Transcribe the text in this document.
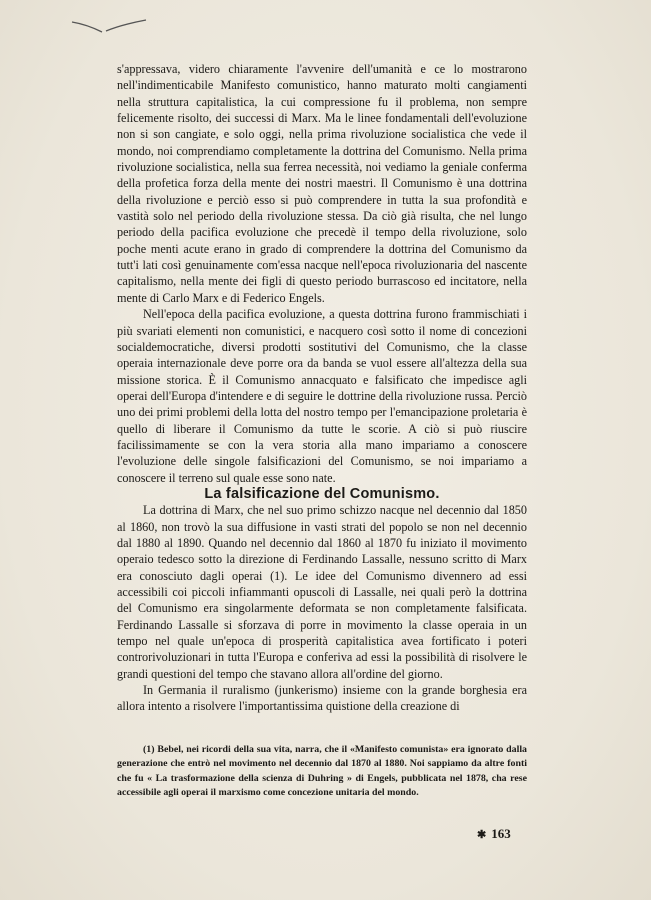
s'appressava, videro chiaramente l'avvenire dell'umanità e ce lo mostrarono nell'indimenticabile Manifesto comunistico, hanno maturato molti cangiamenti nella struttura capitalistica, la cui compressione fu il problema, non sempre felicemente risolto, dei successi di Marx. Ma le linee fondamentali dell'evoluzione non si son cangiate, e solo oggi, nella prima rivoluzione socialistica che vede il mondo, noi comprendiamo completamente la dottrina del Comunismo. Nella prima rivoluzione socialistica, nella sua ferrea necessità, noi vediamo la geniale conferma della profetica forza della mente dei nostri maestri. Il Comunismo è una dottrina della rivoluzione e perciò esso si può comprendere in tutta la sua profondità e vastità solo nel periodo della rivoluzione stessa. Da ciò già risulta, che nel lungo periodo della pacifica evoluzione che precedè il tempo della rivoluzione, solo poche menti acute erano in grado di comprendere la dottrina del Comunismo da tutt'i lati così genuinamente com'essa nacque nell'epoca rivoluzionaria del nascente capitalismo, nella mente dei figli di questo periodo burrascoso ed incitatore, nella mente di Carlo Marx e di Federico Engels.

Nell'epoca della pacifica evoluzione, a questa dottrina furono frammischiati i più svariati elementi non comunistici, e nacquero così sotto il nome di concezioni socialdemocratiche, diversi prodotti sostitutivi del Comunismo, che la classe operaia internazionale deve porre ora da banda se vuol essere all'altezza della sua missione storica. È il Comunismo annacquato e falsificato che impedisce agli operai dell'Europa d'intendere e di seguire le dottrine della rivoluzione russa. Perciò uno dei primi problemi della lotta del nostro tempo per l'emancipazione proletaria è quello di liberare il Comunismo da tutte le scorie. A ciò si può riuscire facilissimamente se con la vera storia alla mano impariamo a conoscere l'evoluzione delle singole falsificazioni del Comunismo, se noi impariamo a conoscere il terreno sul quale esse sono nate.

La falsificazione del Comunismo.

La dottrina di Marx, che nel suo primo schizzo nacque nel decennio dal 1850 al 1860, non trovò la sua diffusione in vasti strati del popolo se non nel decennio dal 1880 al 1890. Quando nel decennio dal 1860 al 1870 fu iniziato il movimento operaio tedesco sotto la direzione di Ferdinando Lassalle, nessuno scritto di Marx era conosciuto dagli operai (1). Le idee del Comunismo divennero ad essi accessibili coi piccoli infiammanti opuscoli di Lassalle, nei quali però la dottrina del Comunismo era singolarmente deformata se non completamente falsificata. Ferdinando Lassalle si sforzava di porre in movimento la classe operaia in un tempo nel quale un'epoca di prosperità capitalistica avea fortificato i poteri controrivoluzionari in tutta l'Europa e conferiva ad essi la possibilità di risolvere le grandi questioni del tempo che stavano allora all'ordine del giorno.

In Germania il ruralismo (junkerismo) insieme con la grande borghesia era allora intento a risolvere l'importantissima quistione della creazione di

(1) Bebel, nei ricordi della sua vita, narra, che il «Manifesto comunista» era ignorato dalla generazione che entrò nel movimento nel decennio dal 1870 al 1880. Noi sappiamo da altre fonti che fu « La trasformazione della scienza di Duhring » di Engels, pubblicata nel 1878, cha rese accessibile agli operai il marxismo come concezione unitaria del mondo.

✱ 163
